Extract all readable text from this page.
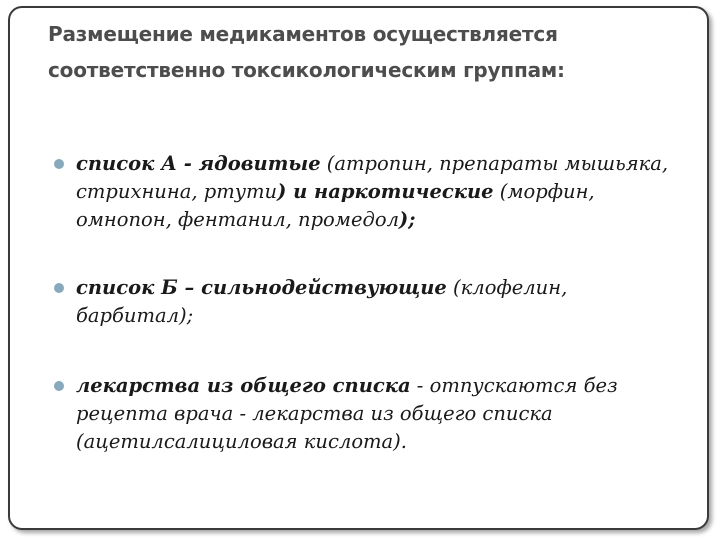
Размещение медикаментов осуществляется соответственно токсикологическим группам:
список А - ядовитые (атропин, препараты мышьяка, стрихнина, ртути) и наркотические (морфин, омнопон, фентанил, промедол);
список Б – сильнодействующие (клофелин, барбитал);
лекарства из общего списка - отпускаются без рецепта врача - лекарства из общего списка (ацетилсалициловая кислота).
